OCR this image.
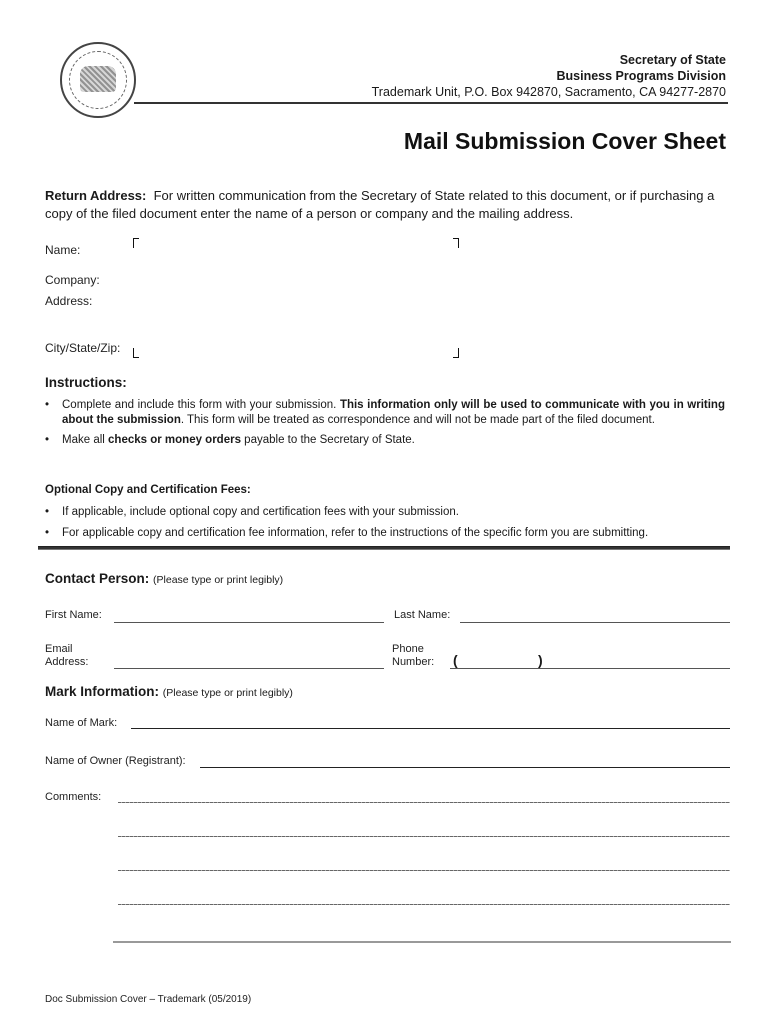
Secretary of State
Business Programs Division
Trademark Unit, P.O. Box 942870, Sacramento, CA 94277-2870
Mail Submission Cover Sheet
Return Address: For written communication from the Secretary of State related to this document, or if purchasing a copy of the filed document enter the name of a person or company and the mailing address.
Name:
Company:
Address:
City/State/Zip:
Instructions:
• Complete and include this form with your submission. This information only will be used to communicate with you in writing about the submission. This form will be treated as correspondence and will not be made part of the filed document.
• Make all checks or money orders payable to the Secretary of State.
Optional Copy and Certification Fees:
• If applicable, include optional copy and certification fees with your submission.
• For applicable copy and certification fee information, refer to the instructions of the specific form you are submitting.
Contact Person: (Please type or print legibly)
First Name:	Last Name:
Email
Address:
Phone
Number: (	)
Mark Information: (Please type or print legibly)
Name of Mark:
Name of Owner (Registrant):
Comments:
Doc Submission Cover – Trademark (05/2019)
